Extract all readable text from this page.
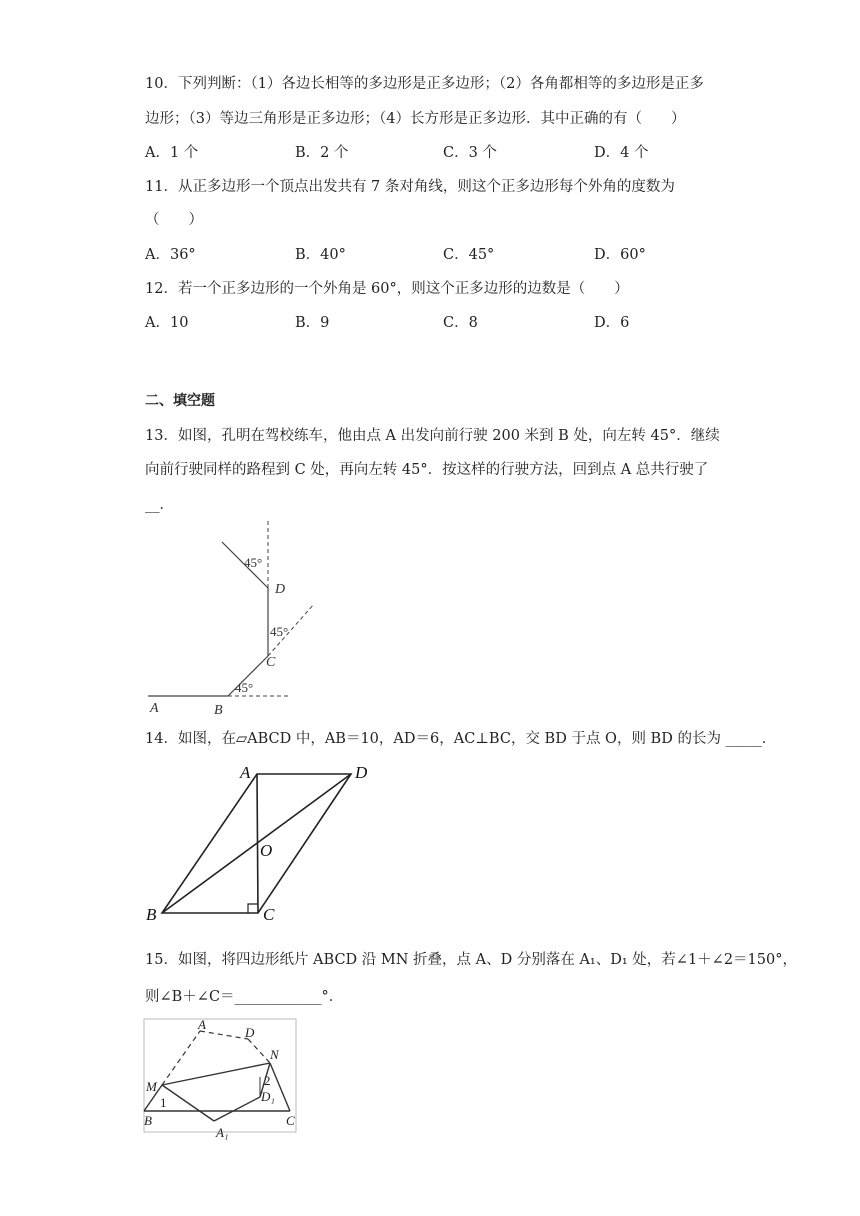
10．下列判断：（1）各边长相等的多边形是正多边形；（2）各角都相等的多边形是正多
边形；（3）等边三角形是正多边形；（4）长方形是正多边形．其中正确的有（　　）
A．1 个	B．2 个	C．3 个	D．4 个
11．从正多边形一个顶点出发共有 7 条对角线，则这个正多边形每个外角的度数为
（　　）
A．36°	B．40°	C．45°	D．60°
12．若一个正多边形的一个外角是 60°，则这个正多边形的边数是（　　）
A．10	B．9	C．8	D．6
二、填空题
13．如图，孔明在驾校练车，他由点 A 出发向前行驶 200 米到 B 处，向左转 45°．继续
向前行驶同样的路程到 C 处，再向左转 45°．按这样的行驶方法，回到点 A 总共行驶了
__．
A	B
C
D
45°
45°
45°
14．如图，在▱ABCD 中，AB＝10，AD＝6，AC⊥BC，交 BD 于点 O，则 BD 的长为 _____．
A	D
B	C
O
15．如图，将四边形纸片 ABCD 沿 MN 折叠，点 A、D 分别落在 A₁、D₁ 处，若∠1＋∠2＝150°，
则∠B＋∠C＝____________°．
A
D
N
M
B	C
A₁
D₁
1
2
